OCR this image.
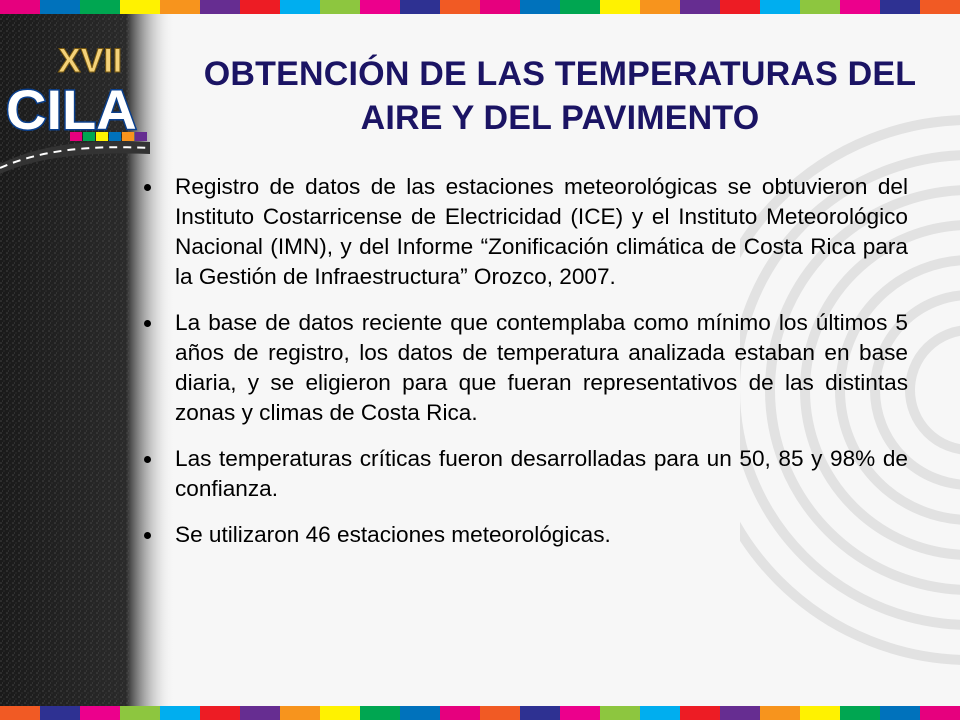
XVII
CILA
OBTENCIÓN DE LAS TEMPERATURAS DEL
AIRE Y DEL PAVIMENTO
Registro de datos de las estaciones meteorológicas se obtuvieron del Instituto Costarricense de Electricidad (ICE) y el Instituto Meteorológico Nacional (IMN), y del Informe “Zonificación climática de Costa Rica para la Gestión de Infraestructura” Orozco, 2007.
La base de datos reciente que contemplaba como mínimo los últimos 5 años de registro, los datos de temperatura analizada estaban en base diaria, y se eligieron para que fueran representativos de las distintas zonas y climas de Costa Rica.
Las temperaturas críticas fueron desarrolladas para un 50, 85 y 98% de confianza.
Se utilizaron 46 estaciones meteorológicas.
